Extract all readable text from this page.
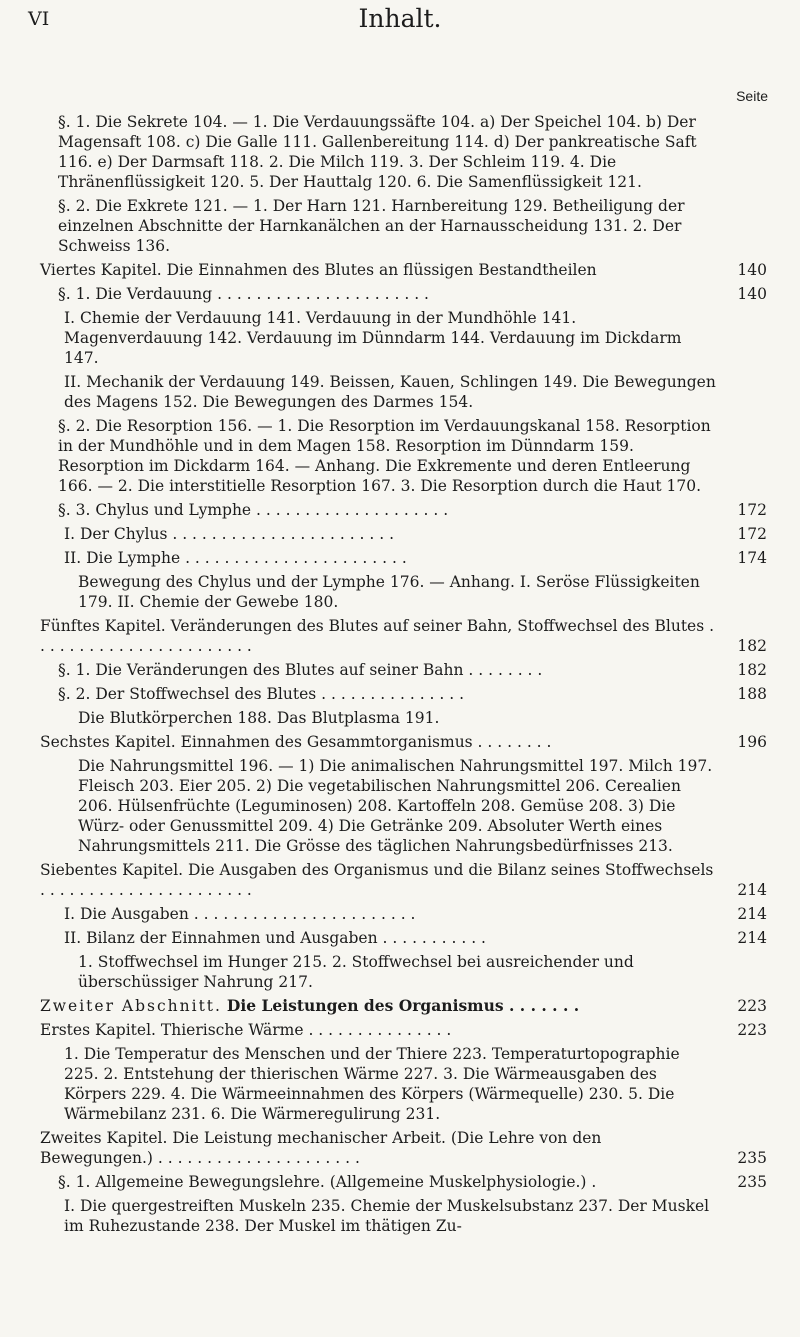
VI	Inhalt.
Seite
§. 1. Die Sekrete 104. — 1. Die Verdauungssäfte 104. a) Der Speichel 104. b) Der Magensaft 108. c) Die Galle 111. Gallenbereitung 114. d) Der pankreatische Saft 116. e) Der Darmsaft 118. 2. Die Milch 119. 3. Der Schleim 119. 4. Die Thränenflüssigkeit 120. 5. Der Hauttalg 120. 6. Die Samenflüssigkeit 121.
§. 2. Die Exkrete 121. — 1. Der Harn 121. Harnbereitung 129. Betheiligung der einzelnen Abschnitte der Harnkanälchen an der Harnausscheidung 131. 2. Der Schweiss 136.
Viertes Kapitel. Die Einnahmen des Blutes an flüssigen Bestandtheilen	140
§. 1. Die Verdauung . . . . . . . . . . . . . . . . . . . . . .	140
I. Chemie der Verdauung 141. Verdauung in der Mundhöhle 141. Magenverdauung 142. Verdauung im Dünndarm 144. Verdauung im Dickdarm 147.
II. Mechanik der Verdauung 149. Beissen, Kauen, Schlingen 149. Die Bewegungen des Magens 152. Die Bewegungen des Darmes 154.
§. 2. Die Resorption 156. — 1. Die Resorption im Verdauungskanal 158. Resorption in der Mundhöhle und in dem Magen 158. Resorption im Dünndarm 159. Resorption im Dickdarm 164. — Anhang. Die Exkremente und deren Entleerung 166. — 2. Die interstitielle Resorption 167. 3. Die Resorption durch die Haut 170.
§. 3. Chylus und Lymphe . . . . . . . . . . . . . . . . . . . .	172
I. Der Chylus . . . . . . . . . . . . . . . . . . . . . . .	172
II. Die Lymphe . . . . . . . . . . . . . . . . . . . . . . .	174
Bewegung des Chylus und der Lymphe 176. — Anhang. I. Seröse Flüssigkeiten 179. II. Chemie der Gewebe 180.
Fünftes Kapitel. Veränderungen des Blutes auf seiner Bahn, Stoffwechsel des Blutes . . . . . . . . . . . . . . . . . . . . . . .	182
§. 1. Die Veränderungen des Blutes auf seiner Bahn . . . . . . . .	182
§. 2. Der Stoffwechsel des Blutes . . . . . . . . . . . . . . .	188
Die Blutkörperchen 188. Das Blutplasma 191.
Sechstes Kapitel. Einnahmen des Gesammtorganismus . . . . . . . .	196
Die Nahrungsmittel 196. — 1) Die animalischen Nahrungsmittel 197. Milch 197. Fleisch 203. Eier 205. 2) Die vegetabilischen Nahrungsmittel 206. Cerealien 206. Hülsenfrüchte (Leguminosen) 208. Kartoffeln 208. Gemüse 208. 3) Die Würz- oder Genussmittel 209. 4) Die Getränke 209. Absoluter Werth eines Nahrungsmittels 211. Die Grösse des täglichen Nahrungsbedürfnisses 213.
Siebentes Kapitel. Die Ausgaben des Organismus und die Bilanz seines Stoffwechsels . . . . . . . . . . . . . . . . . . . . . .	214
I. Die Ausgaben . . . . . . . . . . . . . . . . . . . . . . .	214
II. Bilanz der Einnahmen und Ausgaben . . . . . . . . . . .	214
1. Stoffwechsel im Hunger 215. 2. Stoffwechsel bei ausreichender und überschüssiger Nahrung 217.
Zweiter Abschnitt. Die Leistungen des Organismus . . . . . . .	223
Erstes Kapitel. Thierische Wärme . . . . . . . . . . . . . . .	223
1. Die Temperatur des Menschen und der Thiere 223. Temperaturtopographie 225. 2. Entstehung der thierischen Wärme 227. 3. Die Wärmeausgaben des Körpers 229. 4. Die Wärmeeinnahmen des Körpers (Wärmequelle) 230. 5. Die Wärmebilanz 231. 6. Die Wärmeregulirung 231.
Zweites Kapitel. Die Leistung mechanischer Arbeit. (Die Lehre von den Bewegungen.) . . . . . . . . . . . . . . . . . . . . .	235
§. 1. Allgemeine Bewegungslehre. (Allgemeine Muskelphysiologie.) .	235
I. Die quergestreiften Muskeln 235. Chemie der Muskelsubstanz 237. Der Muskel im Ruhezustande 238. Der Muskel im thätigen Zu-
